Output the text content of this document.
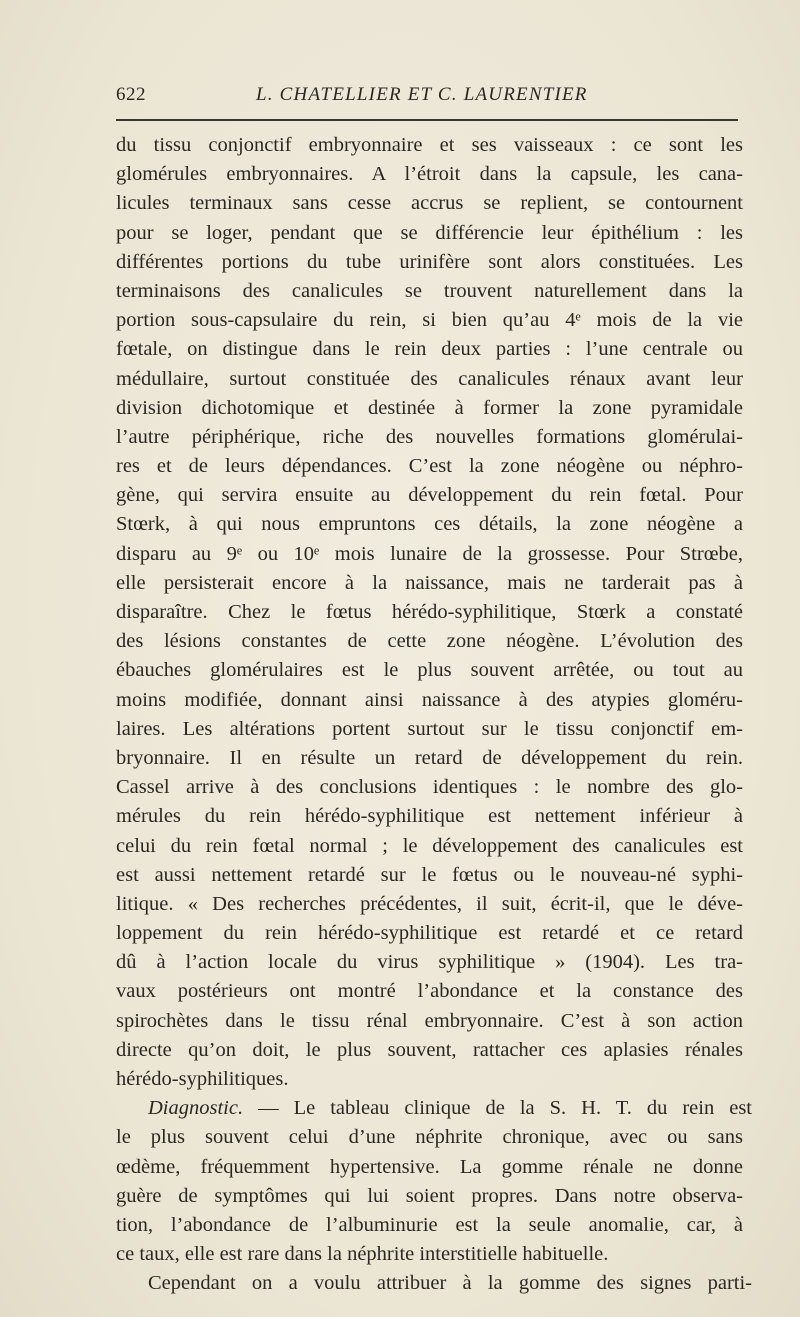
622	L. CHATELLIER ET C. LAURENTIER
du tissu conjonctif embryonnaire et ses vaisseaux : ce sont les
glomérules embryonnaires. A l’étroit dans la capsule, les cana-
licules terminaux sans cesse accrus se replient, se contournent
pour se loger, pendant que se différencie leur épithélium : les
différentes portions du tube urinifère sont alors constituées. Les
terminaisons des canalicules se trouvent naturellement dans la
portion sous-capsulaire du rein, si bien qu’au 4ᵉ mois de la vie
fœtale, on distingue dans le rein deux parties : l’une centrale ou
médullaire, surtout constituée des canalicules rénaux avant leur
division dichotomique et destinée à former la zone pyramidale
l’autre périphérique, riche des nouvelles formations glomérulai-
res et de leurs dépendances. C’est la zone néogène ou néphro-
gène, qui servira ensuite au développement du rein fœtal. Pour
Stœrk, à qui nous empruntons ces détails, la zone néogène a
disparu au 9ᵉ ou 10ᵉ mois lunaire de la grossesse. Pour Strœbe,
elle persisterait encore à la naissance, mais ne tarderait pas à
disparaître. Chez le fœtus hérédo-syphilitique, Stœrk a constaté
des lésions constantes de cette zone néogène. L’évolution des
ébauches glomérulaires est le plus souvent arrêtée, ou tout au
moins modifiée, donnant ainsi naissance à des atypies gloméru-
laires. Les altérations portent surtout sur le tissu conjonctif em-
bryonnaire. Il en résulte un retard de développement du rein.
Cassel arrive à des conclusions identiques : le nombre des glo-
mérules du rein hérédo-syphilitique est nettement inférieur à
celui du rein fœtal normal ; le développement des canalicules est
est aussi nettement retardé sur le fœtus ou le nouveau-né syphi-
litique. « Des recherches précédentes, il suit, écrit-il, que le déve-
loppement du rein hérédo-syphilitique est retardé et ce retard
dû à l’action locale du virus syphilitique » (1904). Les tra-
vaux postérieurs ont montré l’abondance et la constance des
spirochètes dans le tissu rénal embryonnaire. C’est à son action
directe qu’on doit, le plus souvent, rattacher ces aplasies rénales
hérédo-syphilitiques.
Diagnostic. — Le tableau clinique de la S. H. T. du rein est
le plus souvent celui d’une néphrite chronique, avec ou sans
œdème, fréquemment hypertensive. La gomme rénale ne donne
guère de symptômes qui lui soient propres. Dans notre observa-
tion, l’abondance de l’albuminurie est la seule anomalie, car, à
ce taux, elle est rare dans la néphrite interstitielle habituelle.
Cependant on a voulu attribuer à la gomme des signes parti-
